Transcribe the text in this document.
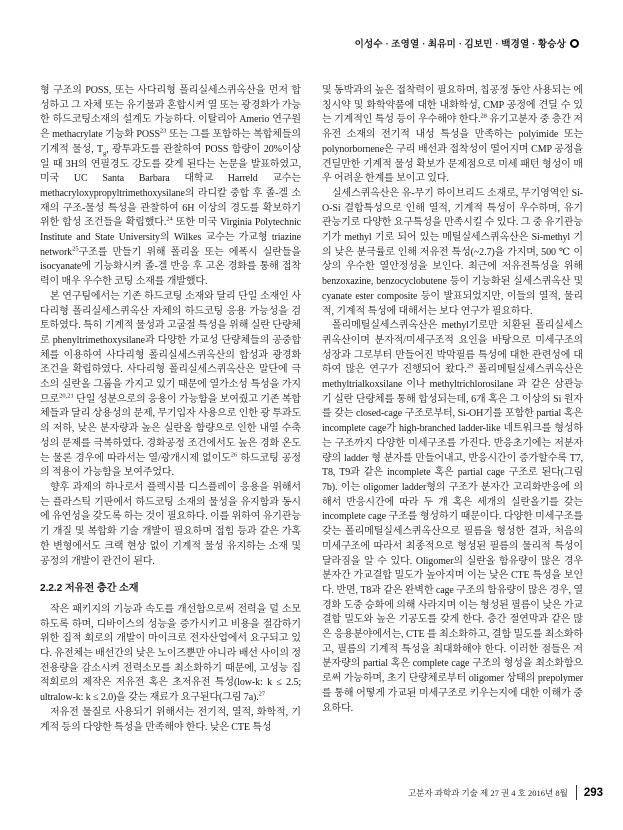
이성수 · 조영열 · 최유미 · 김보민 · 백경열 · 황승상

형 구조의 POSS, 또는 사다리형 폴리실세스퀴옥산을 먼저 합성하고 그 자체 또는 유기물과 혼합시켜 열 또는 광경화가 가능한 하드코팅소재의 설계도 가능하다. 이탈리아 Amerio 연구원은 methacrylate 기능화 POSS$^{23}$ 또는 그를 포함하는 복합체들의 기계적 물성, $T_g$, 광투과도를 관찰하여 POSS 함량이 20%이상 일 때 3H의 연필경도 강도를 갖게 된다는 논문을 발표하였고, 미국 UC Santa Barbara 대학교 Harreld 교수는 methacryloxypropyltrimethoxysilane의 라디칼 중합 후 졸-겔 소재의 구조-물성 특성을 관찰하여 6H 이상의 경도를 확보하기 위한 합성 조건들을 확립했다.$^{24}$ 또한 미국 Virginia Polytechnic Institute and State University의 Wilkes 교수는 가교형 triazine network$^{25}$구조를 만들기 위해 폴리올 또는 에폭시 실란들을 isocyanate에 기능화시켜 졸-겔 반응 후 고온 경화를 통해 접착력이 매우 우수한 코팅 소재를 개발했다.

본 연구팀에서는 기존 하드코팅 소재와 달리 단일 소재인 사다리형 폴리실세스퀴옥산 자체의 하드코팅 응용 가능성을 검토하였다. 특히 기계적 물성과 고굴절 특성을 위해 실란 단량체로 phenyltrimethoxysilane과 다양한 가교성 단량체들의 공중합체를 이용하여 사다리형 폴리실세스퀴옥산의 합성과 광경화 조건을 확립하였다. 사다리형 폴리실세스퀴옥산은 말단에 극소의 실란올 그룹을 가지고 있기 때문에 열가소성 특성을 가지므로$^{20,21}$ 단일 성분으로의 응용이 가능함을 보여줬고 기존 복합체들과 달리 상용성의 문제, 무기입자 사용으로 인한 광 투과도의 저하, 낮은 분자량과 높은 실란올 함량으로 인한 내열 수축성의 문제를 극복하였다. 경화공정 조건에서도 높은 경화 온도는 물론 경우에 따라서는 열/광개시제 없이도$^{26}$ 하드코팅 공정의 적용이 가능함을 보여주었다.

향후 과제의 하나로서 플렉시블 디스플레이 응용을 위해서는 플라스틱 기판에서 하드코팅 소재의 물성을 유지함과 동시에 유연성을 갖도록 하는 것이 필요하다. 이를 위하여 유기관능기 개질 및 복합화 기술 개발이 필요하며 접힘 등과 같은 가혹한 변형에서도 크랙 현상 없이 기계적 물성 유지하는 소재 및 공정의 개발이 관건이 된다.

2.2.2 저유전 층간 소재

작은 패키지의 기능과 속도를 개선함으로써 전력을 덜 소모하도록 하며, 디바이스의 성능을 증가시키고 비용을 절감하기 위한 집적 회로의 개발이 마이크로 전자산업에서 요구되고 있다. 유전체는 배선간의 낮은 노이즈뿐만 아니라 배선 사이의 정전용량을 감소시켜 전력소모를 최소화하기 때문에, 고성능 집적회로의 제작은 저유전 혹은 초저유전 특성(low-k: k ≤ 2.5; ultralow-k: k ≤ 2.0)을 갖는 재료가 요구된다(그림 7a).$^{27}$

저유전 물질로 사용되기 위해서는 전기적, 열적, 화학적, 기계적 등의 다양한 특성을 만족해야 한다. 낮은 CTE 특성

및 동박과의 높은 접착력이 필요하며, 칩공정 동안 사용되는 에칭시약 및 화학약품에 대한 내화학성, CMP 공정에 견딜 수 있는 기계적인 특성 등이 우수해야 한다.$^{28}$ 유기고분자 중 층간 저유전 소재의 전기적 내성 특성을 만족하는 polyimide 또는 polynorbornene은 구리 배선과 접착성이 떨어지며 CMP 공정을 견딜만한 기계적 물성 확보가 문제점으로 미세 패턴 형성이 매우 어려운 한계를 보이고 있다.

실세스퀴옥산은 유-무기 하이브리드 소재로, 무기영역인 Si-O-Si 결합특성으로 인해 열적, 기계적 특성이 우수하며, 유기 관능기로 다양한 요구특성을 만족시킬 수 있다. 그 중 유기관능기가 methyl 기로 되어 있는 메틸실세스퀴옥산은 Si-methyl 기의 낮은 분극률로 인해 저유전 특성(~2.7)을 가지며, 500 ℃ 이상의 우수한 열안정성을 보인다. 최근에 저유전특성을 위해 benzoxazine, benzocyclobutene 등이 기능화된 실세스퀴옥산 및 cyanate ester composite 등이 발표되었지만, 이들의 열적, 물리적, 기계적 특성에 대해서는 보다 연구가 필요하다.

폴리메틸실세스퀴옥산은 methyl기로만 치환된 폴리실세스퀴옥산이며 분자적/미세구조적 요인을 바탕으로 미세구조의 성장과 그로부터 만들어진 박막필름 특성에 대한 관련성에 대하여 많은 연구가 진행되어 왔다.$^{29}$ 폴리메틸실세스퀴옥산은 methyltrialkoxsilane 이나 methyltrichlorosilane 과 같은 삼관능기 실란 단량체를 통해 합성되는데, 6개 혹은 그 이상의 Si 원자를 갖는 closed-cage 구조로부터, Si-OH기를 포함한 partial 혹은 incomplete cage가 high-branched ladder-like 네트워크를 형성하는 구조까지 다양한 미세구조를 가진다. 반응초기에는 저분자량의 ladder 형 분자를 만들어내고, 반응시간이 증가할수록 T7, T8, T9과 같은 incomplete 혹은 partial cage 구조로 된다(그림 7b). 이는 oligomer ladder형의 구조가 분자간 고리화반응에 의해서 반응시간에 따라 두 개 혹은 세개의 실란올기를 갖는 incomplete cage 구조를 형성하기 때문이다. 다양한 미세구조를 갖는 폴리메틸실세스퀴옥산으로 필름을 형성한 결과, 처음의 미세구조에 따라서 최종적으로 형성된 필름의 물리적 특성이 달라짐을 알 수 있다. Oligomer의 실란올 함유량이 많은 경우 분자간 가교결합 밀도가 높아지며 이는 낮은 CTE 특성을 보인다. 반면, T8과 같은 완벽한 cage 구조의 함유량이 많은 경우, 열경화 도중 승화에 의해 사라지며 이는 형성된 필름이 낮은 가교결합 밀도와 높은 기공도를 갖게 한다. 층간 절연막과 같은 많은 응용분야에서는, CTE 를 최소화하고, 결함 밀도를 최소화하고, 필름의 기계적 특성을 최대화해야 한다. 이러한 점들은 저분자량의 partial 혹은 complete cage 구조의 형성을 최소화함으로써 가능하며, 초기 단량체로부터 oligomer 상태의 prepolymer를 통해 어떻게 가교된 미세구조로 키우는지에 대한 이해가 중요하다.

고분자 과학과 기술 제 27 권 4 호 2016년 8월 293
